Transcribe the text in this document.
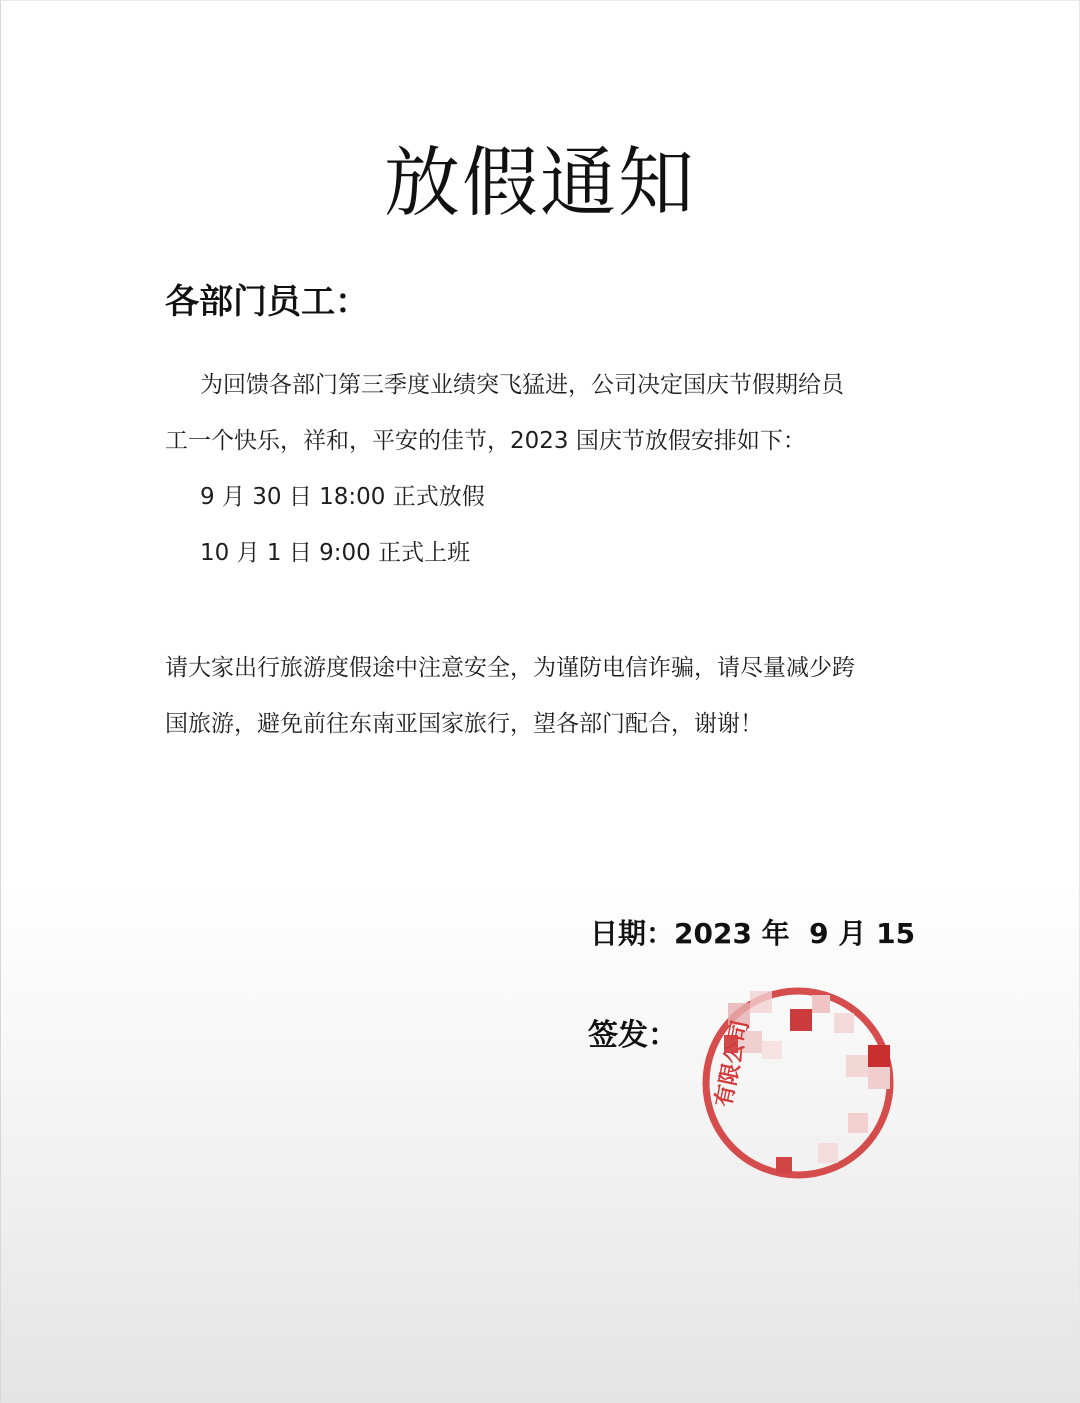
放假通知
各部门员工：
为回馈各部门第三季度业绩突飞猛进，公司决定国庆节假期给员
工一个快乐，祥和，平安的佳节，2023 国庆节放假安排如下：
9 月 30 日 18:00 正式放假
10 月 1 日 9:00 正式上班
请大家出行旅游度假途中注意安全，为谨防电信诈骗，请尽量减少跨
国旅游，避免前往东南亚国家旅行，望各部门配合，谢谢！
日期：2023 年  9 月 15
签发： 有限公司
